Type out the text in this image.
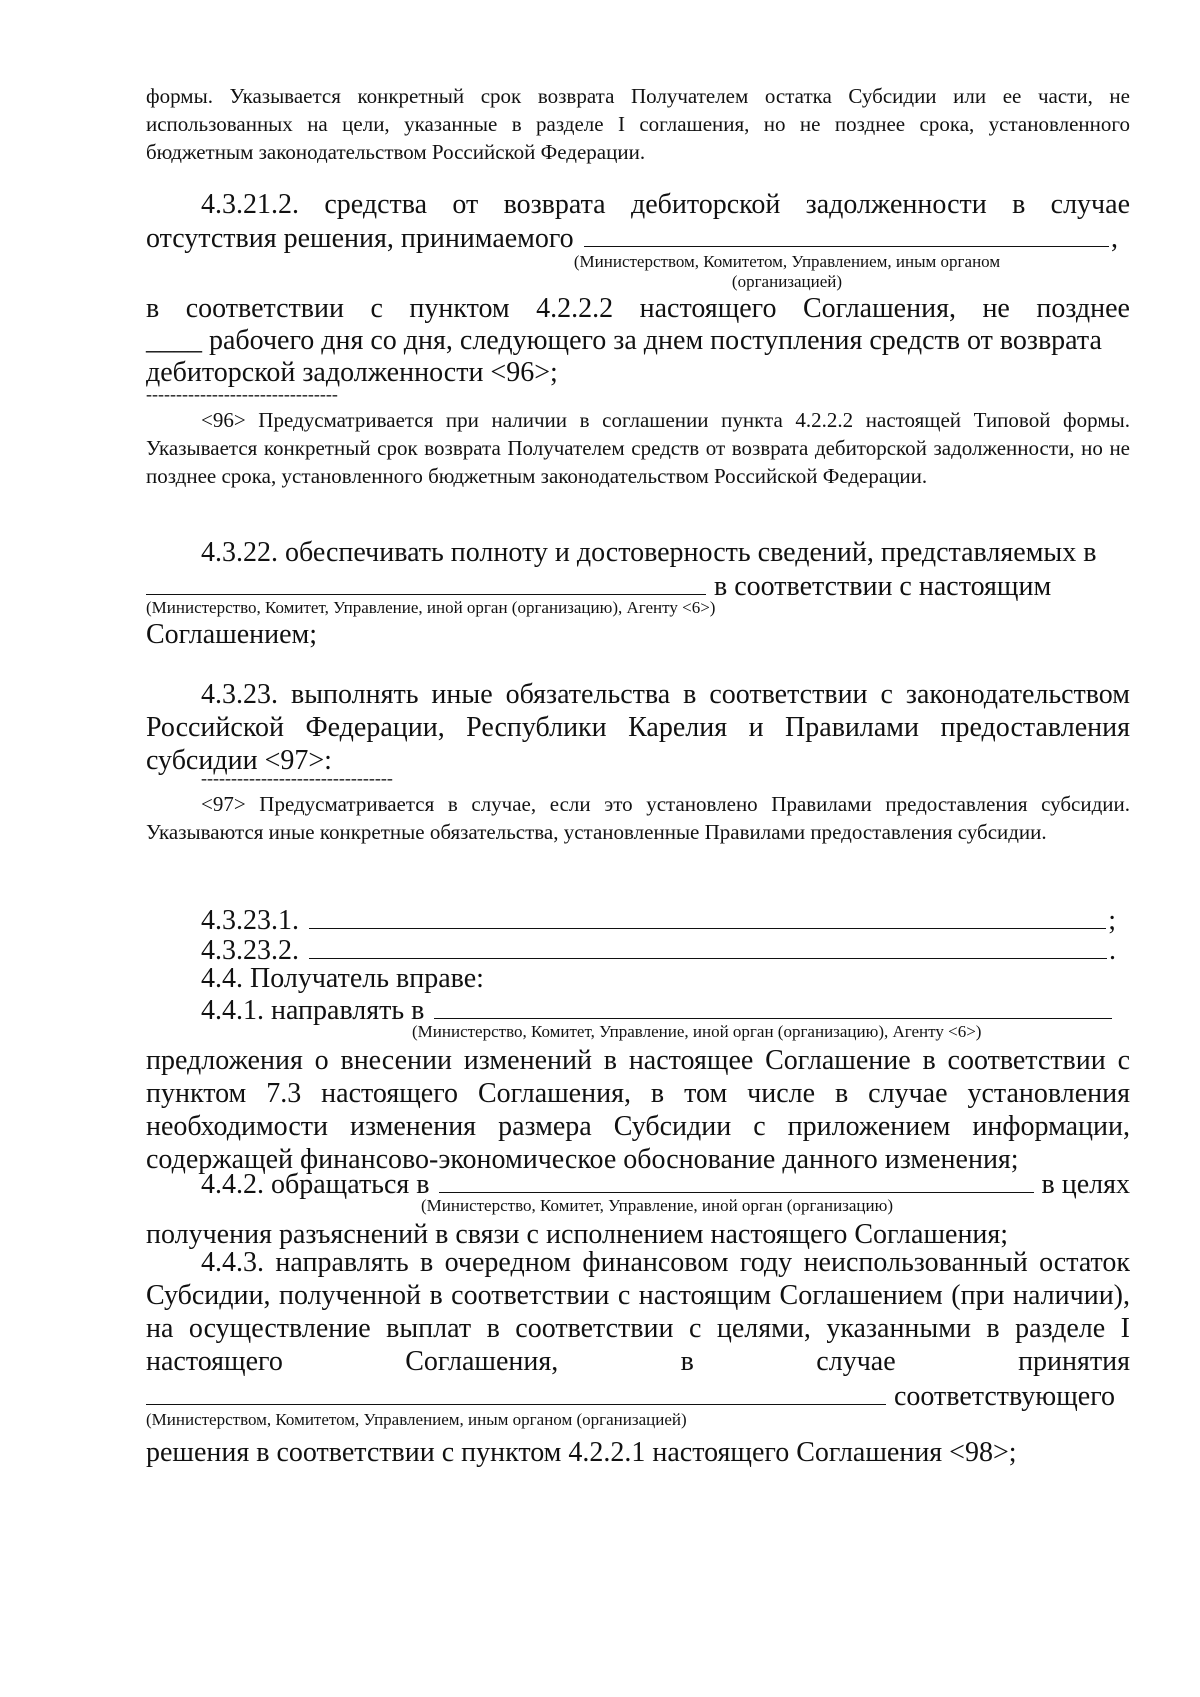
формы. Указывается конкретный срок возврата Получателем остатка Субсидии или ее части, не использованных на цели, указанные в разделе I соглашения, но не позднее срока, установленного бюджетным законодательством Российской Федерации.
4.3.21.2. средства от возврата дебиторской задолженности в случае
отсутствия решения, принимаемого	,
(Министерством, Комитетом, Управлением, иным органом
(организацией)
в соответствии с пунктом 4.2.2.2 настоящего Соглашения, не позднее
____ рабочего дня со дня, следующего за днем поступления средств от возврата
дебиторской задолженности <96>;
--------------------------------
<96> Предусматривается при наличии в соглашении пункта 4.2.2.2 настоящей Типовой формы. Указывается конкретный срок возврата Получателем средств от возврата дебиторской задолженности, но не позднее срока, установленного бюджетным законодательством Российской Федерации.
4.3.22. обеспечивать полноту и достоверность сведений, представляемых в
в соответствии с настоящим
(Министерство, Комитет, Управление, иной орган (организацию), Агенту <6>)
Соглашением;
4.3.23. выполнять иные обязательства в соответствии с законодательством Российской Федерации, Республики Карелия и Правилами предоставления субсидии <97>:
--------------------------------
<97> Предусматривается в случае, если это установлено Правилами предоставления субсидии. Указываются иные конкретные обязательства, установленные Правилами предоставления субсидии.
4.3.23.1.	;
4.3.23.2.	.
4.4. Получатель вправе:
4.4.1. направлять в
(Министерство, Комитет, Управление, иной орган (организацию), Агенту <6>)
предложения о внесении изменений в настоящее Соглашение в соответствии с пунктом 7.3 настоящего Соглашения, в том числе в случае установления необходимости изменения размера Субсидии с приложением информации, содержащей финансово-экономическое обоснование данного изменения;
4.4.2. обращаться в	в целях
(Министерство, Комитет, Управление, иной орган (организацию)
получения разъяснений в связи с исполнением настоящего Соглашения;
4.4.3. направлять в очередном финансовом году неиспользованный остаток Субсидии, полученной в соответствии с настоящим Соглашением (при наличии), на осуществление выплат в соответствии с целями, указанными в разделе I настоящего Соглашения, в случае принятия
соответствующего
(Министерством, Комитетом, Управлением, иным органом (организацией)
решения в соответствии с пунктом 4.2.2.1 настоящего Соглашения <98>;
